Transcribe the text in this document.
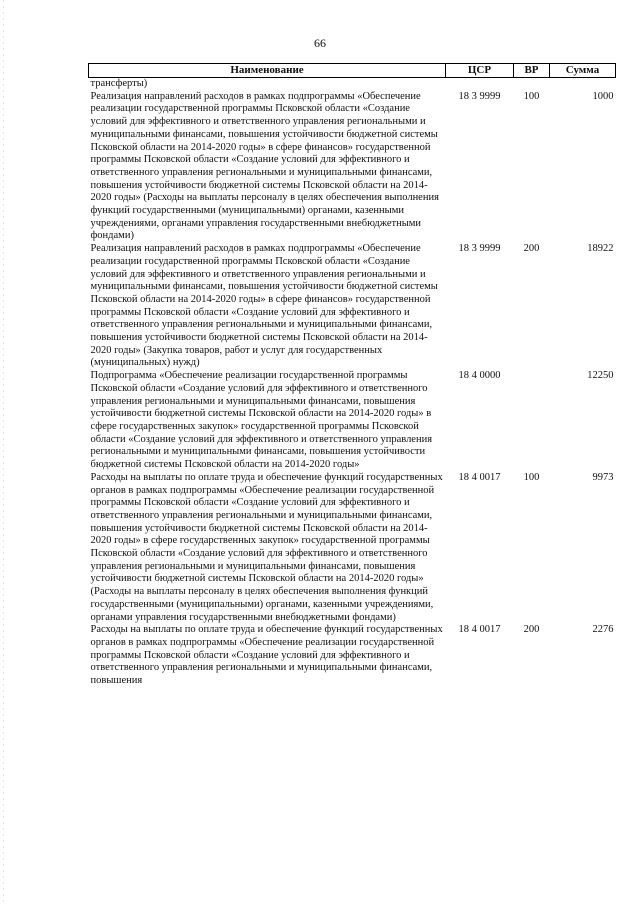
66
Наименование	ЦСР	ВР	Сумма
трансферты)			
Реализация направлений расходов в рамках подпрограммы «Обеспечение реализации государственной программы Псковской области «Создание условий для эффективного и ответственного управления региональными и муниципальными финансами, повышения устойчивости бюджетной системы Псковской области на 2014-2020 годы» в сфере финансов» государственной программы Псковской области «Создание условий для эффективного и ответственного управления региональными и муниципальными финансами, повышения устойчивости бюджетной системы Псковской области на 2014-2020 годы» (Расходы на выплаты персоналу в целях обеспечения выполнения функций государственными (муниципальными) органами, казенными учреждениями, органами управления государственными внебюджетными фондами)	18 3 9999	100	1000
Реализация направлений расходов в рамках подпрограммы «Обеспечение реализации государственной программы Псковской области «Создание условий для эффективного и ответственного управления региональными и муниципальными финансами, повышения устойчивости бюджетной системы Псковской области на 2014-2020 годы» в сфере финансов» государственной программы Псковской области «Создание условий для эффективного и ответственного управления региональными и муниципальными финансами, повышения устойчивости бюджетной системы Псковской области на 2014-2020 годы» (Закупка товаров, работ и услуг для государственных (муниципальных) нужд)	18 3 9999	200	18922
Подпрограмма «Обеспечение реализации государственной программы Псковской области «Создание условий для эффективного и ответственного управления региональными и муниципальными финансами, повышения устойчивости бюджетной системы Псковской области на 2014-2020 годы» в сфере государственных закупок» государственной программы Псковской области «Создание условий для эффективного и ответственного управления региональными и муниципальными финансами, повышения устойчивости бюджетной системы Псковской области на 2014-2020 годы»	18 4 0000		12250
Расходы на выплаты по оплате труда и обеспечение функций государственных органов в рамках подпрограммы «Обеспечение реализации государственной программы Псковской области «Создание условий для эффективного и ответственного управления региональными и муниципальными финансами, повышения устойчивости бюджетной системы Псковской области на 2014-2020 годы» в сфере государственных закупок» государственной программы Псковской области «Создание условий для эффективного и ответственного управления региональными и муниципальными финансами, повышения устойчивости бюджетной системы Псковской области на 2014-2020 годы» (Расходы на выплаты персоналу в целях обеспечения выполнения функций государственными (муниципальными) органами, казенными учреждениями, органами управления государственными внебюджетными фондами)	18 4 0017	100	9973
Расходы на выплаты по оплате труда и обеспечение функций государственных органов в рамках подпрограммы «Обеспечение реализации государственной программы Псковской области «Создание условий для эффективного и ответственного управления региональными и муниципальными финансами, повышения	18 4 0017	200	2276
